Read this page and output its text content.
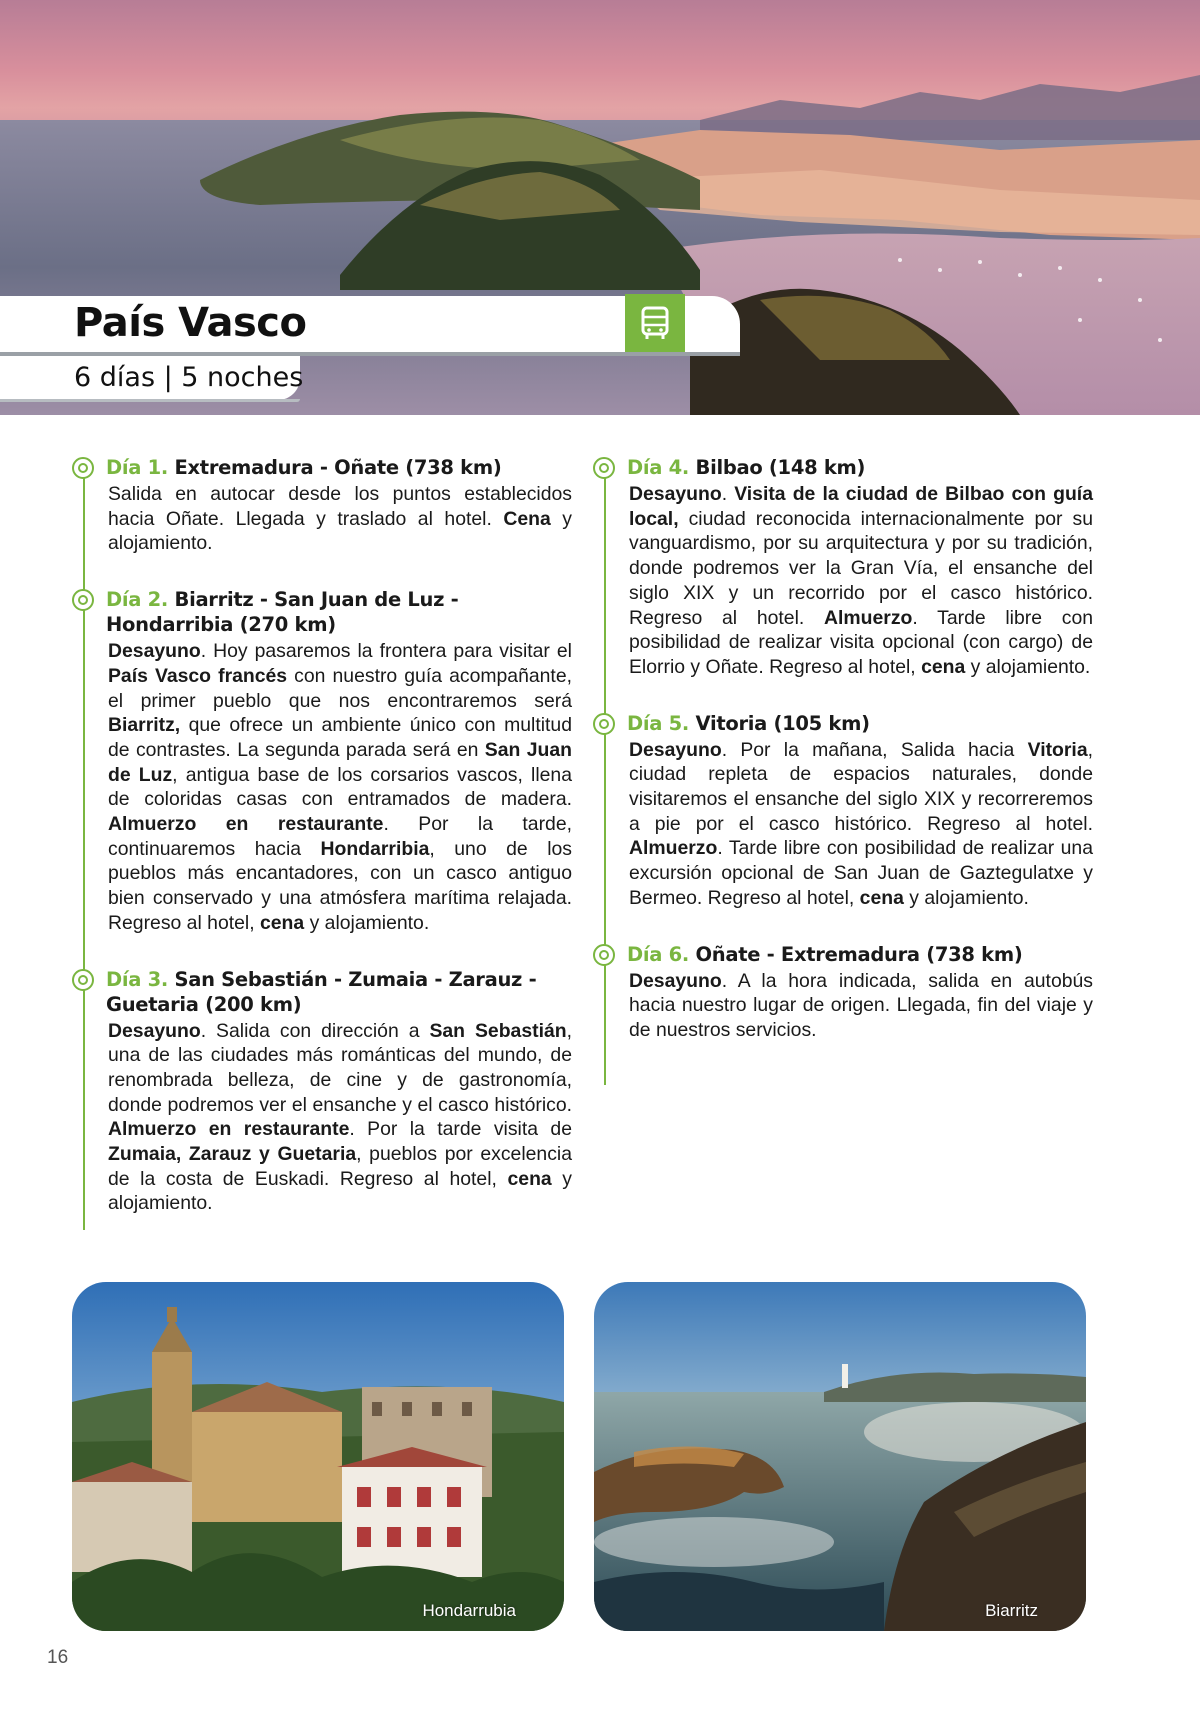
País Vasco
6 días | 5 noches
Día 1. Extremadura - Oñate (738 km)
Salida en autocar desde los puntos establecidos hacia Oñate. Llegada y traslado al hotel. Cena y alojamiento.
Día 2. Biarritz - San Juan de Luz - Hondarribia (270 km)
Desayuno. Hoy pasaremos la frontera para visitar el País Vasco francés con nuestro guía acompañante, el primer pueblo que nos encontraremos será Biarritz, que ofrece un ambiente único con multitud de contrastes. La segunda parada será en San Juan de Luz, antigua base de los corsarios vascos, llena de coloridas casas con entramados de madera. Almuerzo en restaurante. Por la tarde, continuaremos hacia Hondarribia, uno de los pueblos más encantadores, con un casco antiguo bien conservado y una atmósfera marítima relajada. Regreso al hotel, cena y alojamiento.
Día 3. San Sebastián - Zumaia - Zarauz - Guetaria (200 km)
Desayuno. Salida con dirección a San Sebastián, una de las ciudades más románticas del mundo, de renombrada belleza, de cine y de gastronomía, donde podremos ver el ensanche y el casco histórico. Almuerzo en restaurante. Por la tarde visita de Zumaia, Zarauz y Guetaria, pueblos por excelencia de la costa de Euskadi. Regreso al hotel, cena y alojamiento.
Día 4. Bilbao (148 km)
Desayuno. Visita de la ciudad de Bilbao con guía local, ciudad reconocida internacionalmente por su vanguardismo, por su arquitectura y por su tradición, donde podremos ver la Gran Vía, el ensanche del siglo XIX y un recorrido por el casco histórico. Regreso al hotel. Almuerzo. Tarde libre con posibilidad de realizar visita opcional (con cargo) de Elorrio y Oñate. Regreso al hotel, cena y alojamiento.
Día 5. Vitoria (105 km)
Desayuno. Por la mañana, Salida hacia Vitoria, ciudad repleta de espacios naturales, donde visitaremos el ensanche del siglo XIX y recorreremos a pie por el casco histórico. Regreso al hotel. Almuerzo. Tarde libre con posibilidad de realizar una excursión opcional de San Juan de Gaztegulatxe y Bermeo. Regreso al hotel, cena y alojamiento.
Día 6. Oñate - Extremadura (738 km)
Desayuno. A la hora indicada, salida en autobús hacia nuestro lugar de origen. Llegada, fin del viaje y de nuestros servicios.
Hondarrubia	Biarritz
16
